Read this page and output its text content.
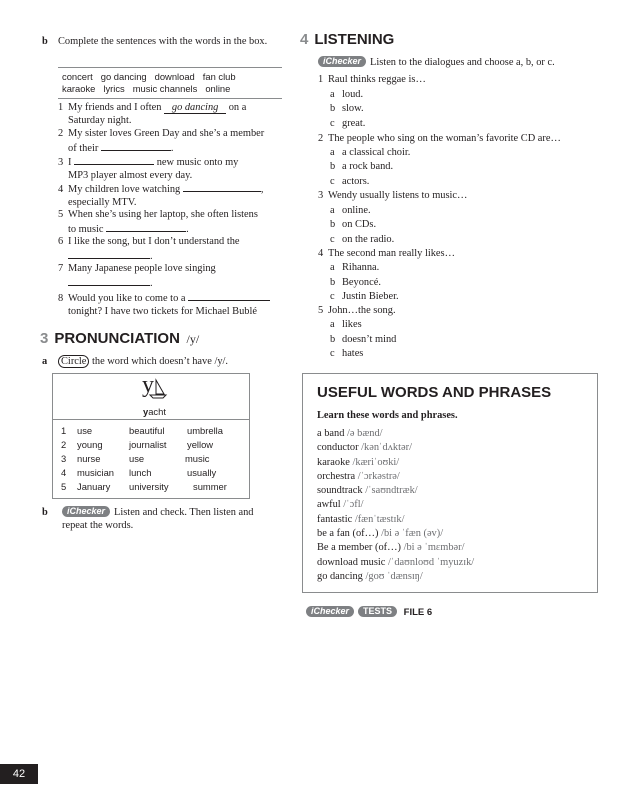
b Complete the sentences with the words in the box.
concert go dancing download fan club
karaoke lyrics music channels online
1 My friends and I often go dancing on a
Saturday night.
2 My sister loves Green Day and she’s a member
of their	.
3 I	new music onto my
MP3 player almost every day.
4 My children love watching	,
especially MTV.
5 When she’s using her laptop, she often listens
to music	.
6 I like the song, but I don’t understand the
.
7 Many Japanese people love singing
.
8 Would you like to come to a
tonight? I have two tickets for Michael Bublé
3 PRONUNCIATION /y/
a Circle the word which doesn’t have /y/.
y
yacht
1 use	beautiful umbrella
2 young	journalist yellow
3 nurse	use	music
4 musician lunch	usually
5 January university	summer
b	iChecker Listen and check. Then listen and
repeat the words.
4 LISTENING
iChecker Listen to the dialogues and choose a, b, or c.
1 Raul thinks reggae is…
a loud.
b slow.
c great.
2 The people who sing on the woman’s favorite CD are…
a a classical choir.
b a rock band.
c actors.
3 Wendy usually listens to music…
a online.
b on CDs.
c on the radio.
4 The second man really likes…
a Rihanna.
b Beyoncé.
c Justin Bieber.
5 John…the song.
a likes
b doesn’t mind
c hates
USEFUL WORDS AND PHRASES
Learn these words and phrases.
a band /ə bænd/
conductor /kənˈdʌktər/
karaoke /kæriˈoʊki/
orchestra /ˈɔrkəstrə/
soundtrack /ˈsaʊndtræk/
awful /ˈɔfl/
fantastic /fænˈtæstɪk/
be a fan (of…) /bi ə ˈfæn (əv)/
Be a member (of…) /bi ə ˈmɛmbər/
download music /ˈdaʊnloʊd ˈmyuzɪk/
go dancing /goʊ ˈdænsɪŋ/
iChecker TESTS FILE 6
42
